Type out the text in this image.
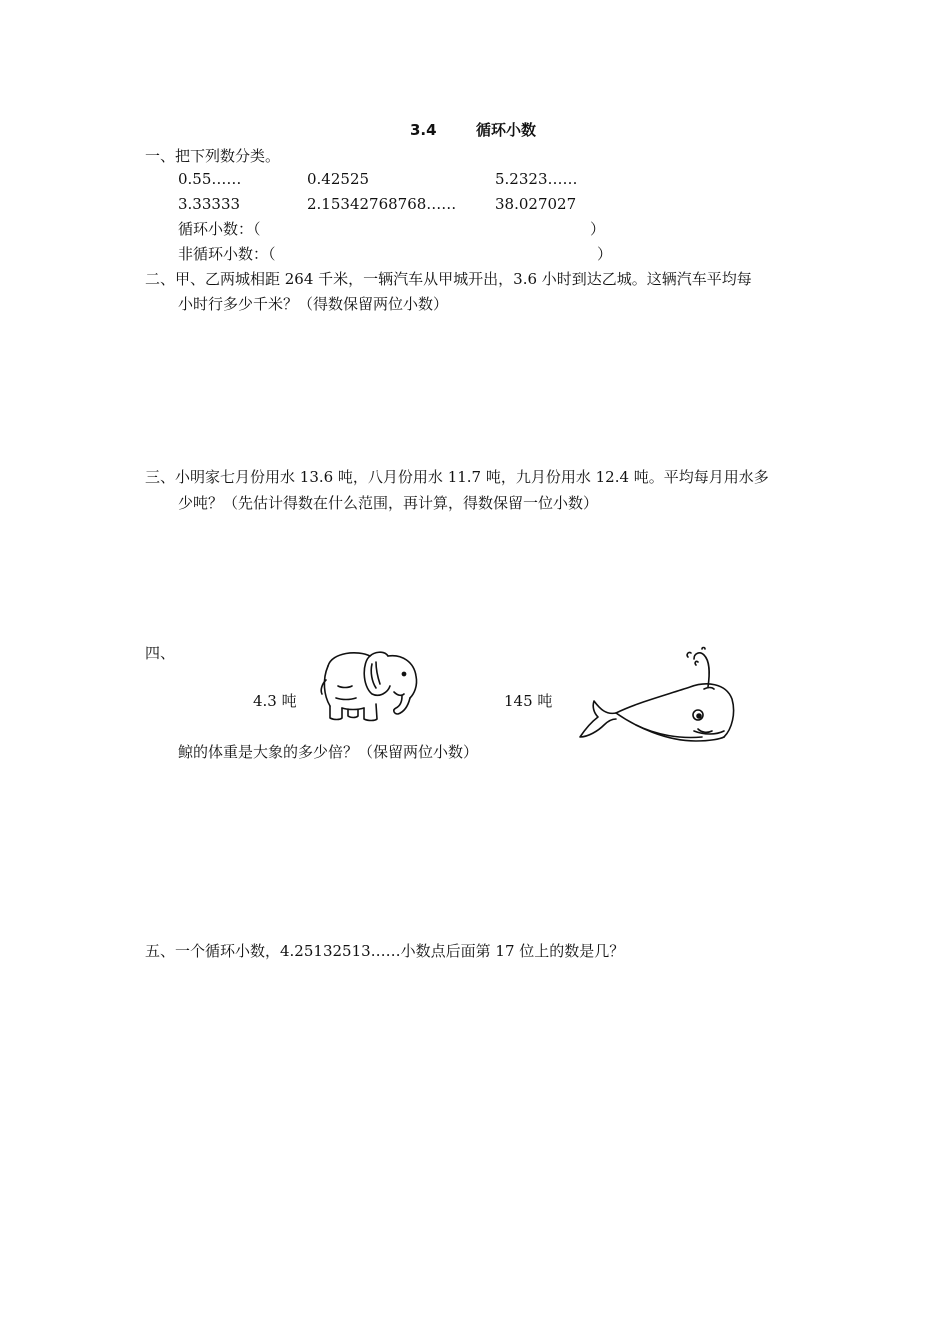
3.4	循环小数
一、把下列数分类。
0.55……	0.42525	5.2323……
3.33333	2.15342768768……	38.027027
循环小数：（	）
非循环小数：（	）
二、甲、乙两城相距 264 千米，一辆汽车从甲城开出，3.6 小时到达乙城。这辆汽车平均每
小时行多少千米？（得数保留两位小数）
三、小明家七月份用水 13.6 吨，八月份用水 11.7 吨，九月份用水 12.4 吨。平均每月用水多
少吨？（先估计得数在什么范围，再计算，得数保留一位小数）
四、
4.3 吨	145 吨
鲸的体重是大象的多少倍？（保留两位小数）
五、一个循环小数，4.25132513……小数点后面第 17 位上的数是几？
